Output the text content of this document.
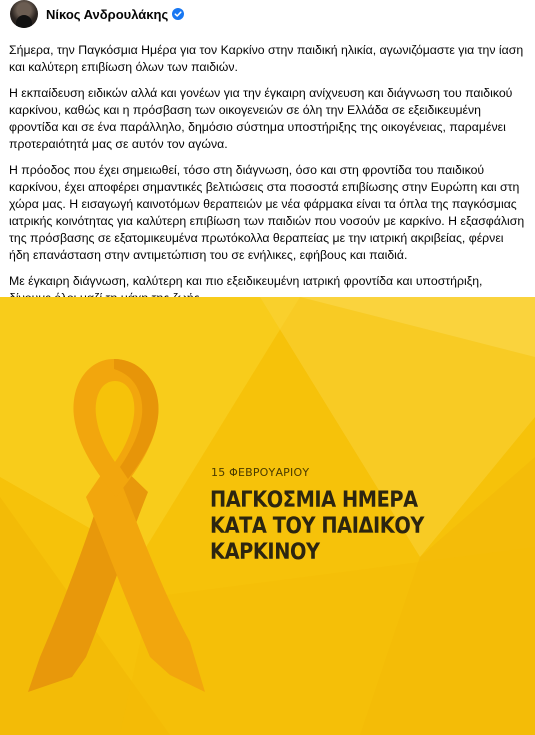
Νίκος Ανδρουλάκης

Σήμερα, την Παγκόσμια Ημέρα για τον Καρκίνο στην παιδική ηλικία, αγωνιζόμαστε για την ίαση και καλύτερη επιβίωση όλων των παιδιών.

Η εκπαίδευση ειδικών αλλά και γονέων για την έγκαιρη ανίχνευση και διάγνωση του παιδικού καρκίνου, καθώς και η πρόσβαση των οικογενειών σε όλη την Ελλάδα σε εξειδικευμένη φροντίδα και σε ένα παράλληλο, δημόσιο σύστημα υποστήριξης της οικογένειας, παραμένει προτεραιότητά μας σε αυτόν τον αγώνα.

Η πρόοδος που έχει σημειωθεί, τόσο στη διάγνωση, όσο και στη φροντίδα του παιδικού καρκίνου, έχει αποφέρει σημαντικές βελτιώσεις στα ποσοστά επιβίωσης στην Ευρώπη και στη χώρα μας. Η εισαγωγή καινοτόμων θεραπειών με νέα φάρμακα είναι τα όπλα της παγκόσμιας ιατρικής κοινότητας για καλύτερη επιβίωση των παιδιών που νοσούν με καρκίνο. Η εξασφάλιση της πρόσβασης σε εξατομικευμένα πρωτόκολλα θεραπείας με την ιατρική ακριβείας, φέρνει ήδη επανάσταση στην αντιμετώπιση του σε ενήλικες, εφήβους και παιδιά.

Με έγκαιρη διάγνωση, καλύτερη και πιο εξειδικευμένη ιατρική φροντίδα και υποστήριξη,

15 ΦΕΒΡΟΥΑΡΙΟΥ
ΠΑΓΚΟΣΜΙΑ ΗΜΕΡΑ
ΚΑΤΑ ΤΟΥ ΠΑΙΔΙΚΟΥ
ΚΑΡΚΙΝΟΥ
